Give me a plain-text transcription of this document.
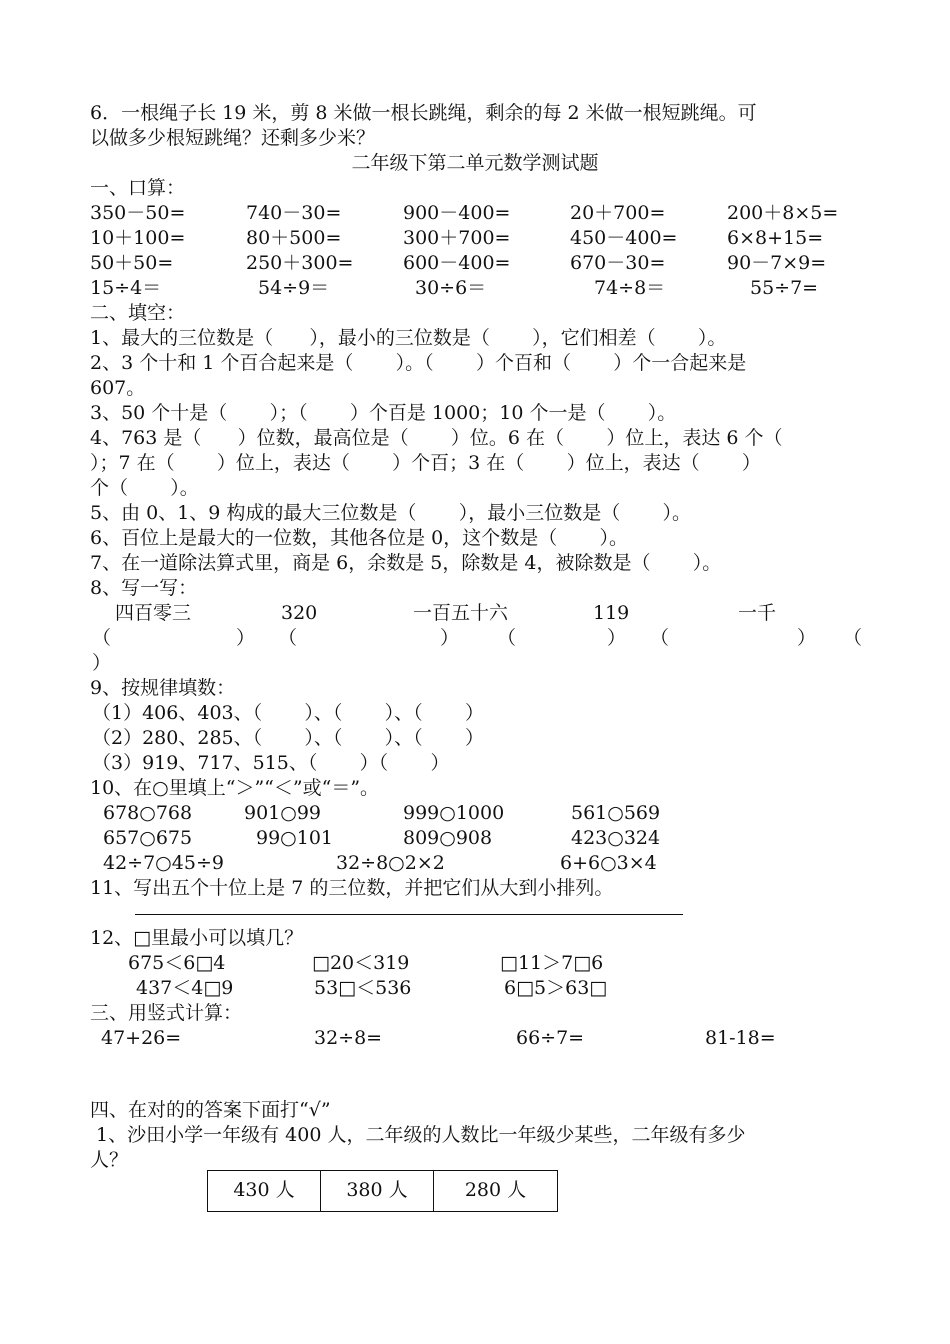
6．一根绳子长 19 米，剪 8 米做一根长跳绳，剩余的每 2 米做一根短跳绳。可
以做多少根短跳绳？还剩多少米？
二年级下第二单元数学测试题
一、口算：
350－50=	740－30=	900－400=	20＋700=	200＋8×5=
10＋100=	80＋500=	300＋700=	450－400=	6×8+15=
50＋50=	250＋300=	600－400=	670－30=	90－7×9=
15÷4＝	54÷9＝	30÷6＝	74÷8＝	55÷7=
二、填空：
1、最大的三位数是（      ），最小的三位数是（       ），它们相差（       ）。
2、3 个十和 1 个百合起来是（       ）。（       ）个百和（       ）个一合起来是
607。
3、50 个十是（       ）；（       ）个百是 1000；10 个一是（       ）。
4、763 是（      ）位数，最高位是（       ）位。6 在（       ）位上，表达 6 个（
）；7 在（       ）位上，表达（       ）个百；3 在（       ）位上，表达（       ）
个（       ）。
5、由 0、1、9 构成的最大三位数是（       ），最小三位数是（       ）。
6、百位上是最大的一位数，其他各位是 0，这个数是（       ）。
7、在一道除法算式里，商是 6，余数是 5，除数是 4，被除数是（       ）。
8、写一写：
四百零三	320	一百五十六	119	一千
（	） （	） （	） （	） （
）
9、按规律填数：
（1）406、403、（       ）、（       ）、（       ）
（2）280、285、（       ）、（       ）、（       ）
（3）919、717、515、（       ）（       ）
10、在○里填上“＞”“＜”或“＝”。
678○768	901○99	999○1000	561○569
657○675	99○101	809○908	423○324
42÷7○45÷9	32÷8○2×2	6+6○3×4
11、写出五个十位上是 7 的三位数，并把它们从大到小排列。
12、□里最小可以填几？
675＜6□4	□20＜319	□11＞7□6
437＜4□9	53□＜536	6□5＞63□
三、用竖式计算：
47+26=	32÷8=	66÷7=	81-18=
四、在对的的答案下面打“√”
1、沙田小学一年级有 400 人，二年级的人数比一年级少某些，二年级有多少
人？
430 人	380 人	280 人
